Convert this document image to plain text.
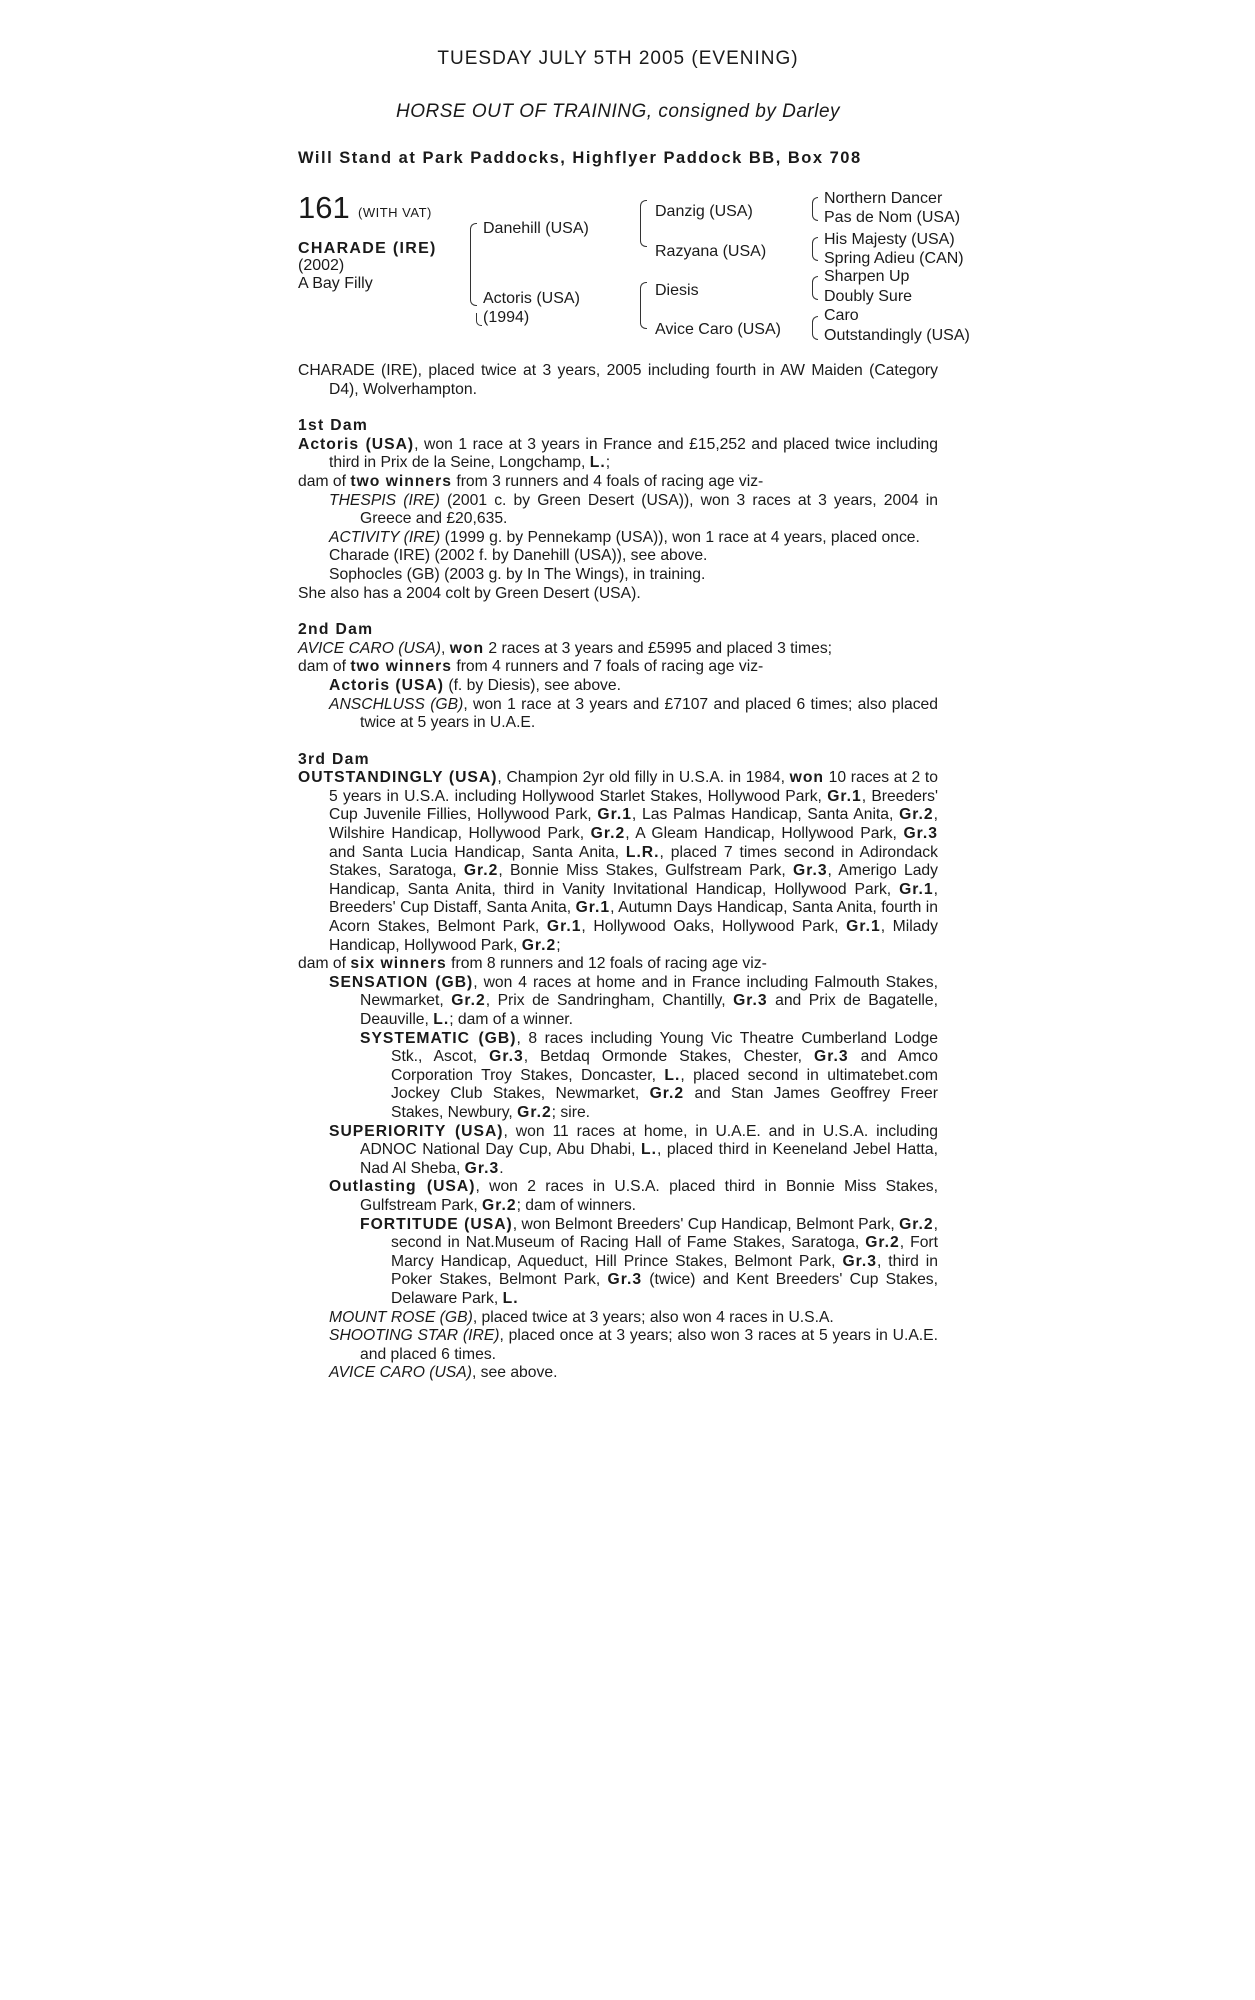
TUESDAY JULY 5TH 2005 (EVENING)
HORSE OUT OF TRAINING, consigned by Darley
Will Stand at Park Paddocks, Highflyer Paddock BB, Box 708
161 (WITH VAT)
CHARADE (IRE)
(2002)
A Bay Filly
Danehill (USA)
Actoris (USA)
(1994)
Danzig (USA)
Razyana (USA)
Diesis
Avice Caro (USA)
Northern Dancer
Pas de Nom (USA)
His Majesty (USA)
Spring Adieu (CAN)
Sharpen Up
Doubly Sure
Caro
Outstandingly (USA)

CHARADE (IRE), placed twice at 3 years, 2005 including fourth in AW Maiden (Category D4), Wolverhampton.

1st Dam

Actoris (USA), won 1 race at 3 years in France and £15,252 and placed twice including third in Prix de la Seine, Longchamp, L.;

dam of two winners from 3 runners and 4 foals of racing age viz-

THESPIS (IRE) (2001 c. by Green Desert (USA)), won 3 races at 3 years, 2004 in Greece and £20,635.

ACTIVITY (IRE) (1999 g. by Pennekamp (USA)), won 1 race at 4 years, placed once.

Charade (IRE) (2002 f. by Danehill (USA)), see above.

Sophocles (GB) (2003 g. by In The Wings), in training.

She also has a 2004 colt by Green Desert (USA).

2nd Dam

AVICE CARO (USA), won 2 races at 3 years and £5995 and placed 3 times;

dam of two winners from 4 runners and 7 foals of racing age viz-

Actoris (USA) (f. by Diesis), see above.

ANSCHLUSS (GB), won 1 race at 3 years and £7107 and placed 6 times; also placed twice at 5 years in U.A.E.

3rd Dam

OUTSTANDINGLY (USA), Champion 2yr old filly in U.S.A. in 1984, won 10 races at 2 to 5 years in U.S.A. including Hollywood Starlet Stakes, Hollywood Park, Gr.1, Breeders' Cup Juvenile Fillies, Hollywood Park, Gr.1, Las Palmas Handicap, Santa Anita, Gr.2, Wilshire Handicap, Hollywood Park, Gr.2, A Gleam Handicap, Hollywood Park, Gr.3 and Santa Lucia Handicap, Santa Anita, L.R., placed 7 times second in Adirondack Stakes, Saratoga, Gr.2, Bonnie Miss Stakes, Gulfstream Park, Gr.3, Amerigo Lady Handicap, Santa Anita, third in Vanity Invitational Handicap, Hollywood Park, Gr.1, Breeders' Cup Distaff, Santa Anita, Gr.1, Autumn Days Handicap, Santa Anita, fourth in Acorn Stakes, Belmont Park, Gr.1, Hollywood Oaks, Hollywood Park, Gr.1, Milady Handicap, Hollywood Park, Gr.2;

dam of six winners from 8 runners and 12 foals of racing age viz-

SENSATION (GB), won 4 races at home and in France including Falmouth Stakes, Newmarket, Gr.2, Prix de Sandringham, Chantilly, Gr.3 and Prix de Bagatelle, Deauville, L.; dam of a winner.

SYSTEMATIC (GB), 8 races including Young Vic Theatre Cumberland Lodge Stk., Ascot, Gr.3, Betdaq Ormonde Stakes, Chester, Gr.3 and Amco Corporation Troy Stakes, Doncaster, L., placed second in ultimatebet.com Jockey Club Stakes, Newmarket, Gr.2 and Stan James Geoffrey Freer Stakes, Newbury, Gr.2; sire.

SUPERIORITY (USA), won 11 races at home, in U.A.E. and in U.S.A. including ADNOC National Day Cup, Abu Dhabi, L., placed third in Keeneland Jebel Hatta, Nad Al Sheba, Gr.3.

Outlasting (USA), won 2 races in U.S.A. placed third in Bonnie Miss Stakes, Gulfstream Park, Gr.2; dam of winners.

FORTITUDE (USA), won Belmont Breeders' Cup Handicap, Belmont Park, Gr.2, second in Nat.Museum of Racing Hall of Fame Stakes, Saratoga, Gr.2, Fort Marcy Handicap, Aqueduct, Hill Prince Stakes, Belmont Park, Gr.3, third in Poker Stakes, Belmont Park, Gr.3 (twice) and Kent Breeders' Cup Stakes, Delaware Park, L.

MOUNT ROSE (GB), placed twice at 3 years; also won 4 races in U.S.A.

SHOOTING STAR (IRE), placed once at 3 years; also won 3 races at 5 years in U.A.E. and placed 6 times.

AVICE CARO (USA), see above.
